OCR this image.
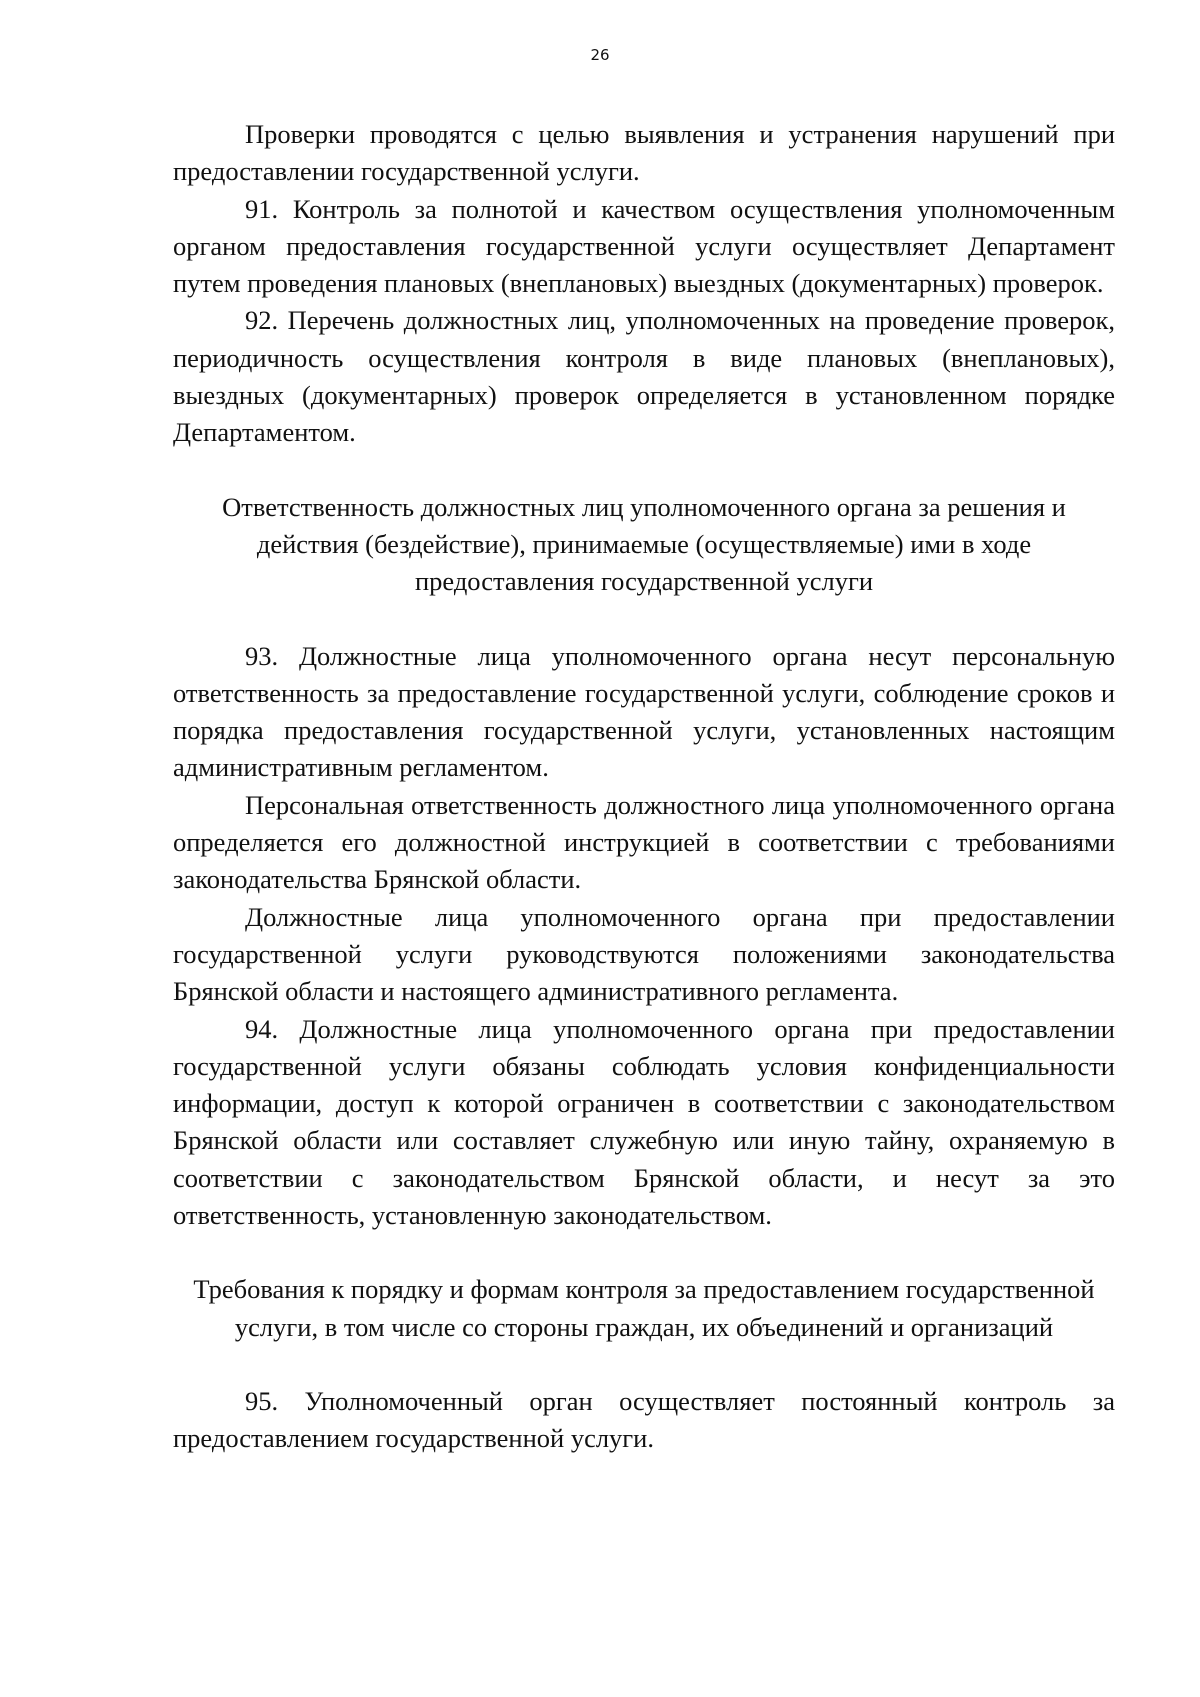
26

Проверки проводятся с целью выявления и устранения нарушений при предоставлении государственной услуги.

91. Контроль за полнотой и качеством осуществления уполномоченным органом предоставления государственной услуги осуществляет Департамент путем проведения плановых (внеплановых) выездных (документарных) проверок.

92. Перечень должностных лиц, уполномоченных на проведение проверок, периодичность осуществления контроля в виде плановых (внеплановых), выездных (документарных) проверок определяется в установленном порядке Департаментом.

Ответственность должностных лиц уполномоченного органа за решения и действия (бездействие), принимаемые (осуществляемые) ими в ходе предоставления государственной услуги

93. Должностные лица уполномоченного органа несут персональную ответственность за предоставление государственной услуги, соблюдение сроков и порядка предоставления государственной услуги, установленных настоящим административным регламентом.

Персональная ответственность должностного лица уполномоченного органа определяется его должностной инструкцией в соответствии с требованиями законодательства Брянской области.

Должностные лица уполномоченного органа при предоставлении государственной услуги руководствуются положениями законодательства Брянской области и настоящего административного регламента.

94. Должностные лица уполномоченного органа при предоставлении государственной услуги обязаны соблюдать условия конфиденциальности информации, доступ к которой ограничен в соответствии с законодательством Брянской области или составляет служебную или иную тайну, охраняемую в соответствии с законодательством Брянской области, и несут за это ответственность, установленную законодательством.

Требования к порядку и формам контроля за предоставлением государственной услуги, в том числе со стороны граждан, их объединений и организаций

95. Уполномоченный орган осуществляет постоянный контроль за предоставлением государственной услуги.
